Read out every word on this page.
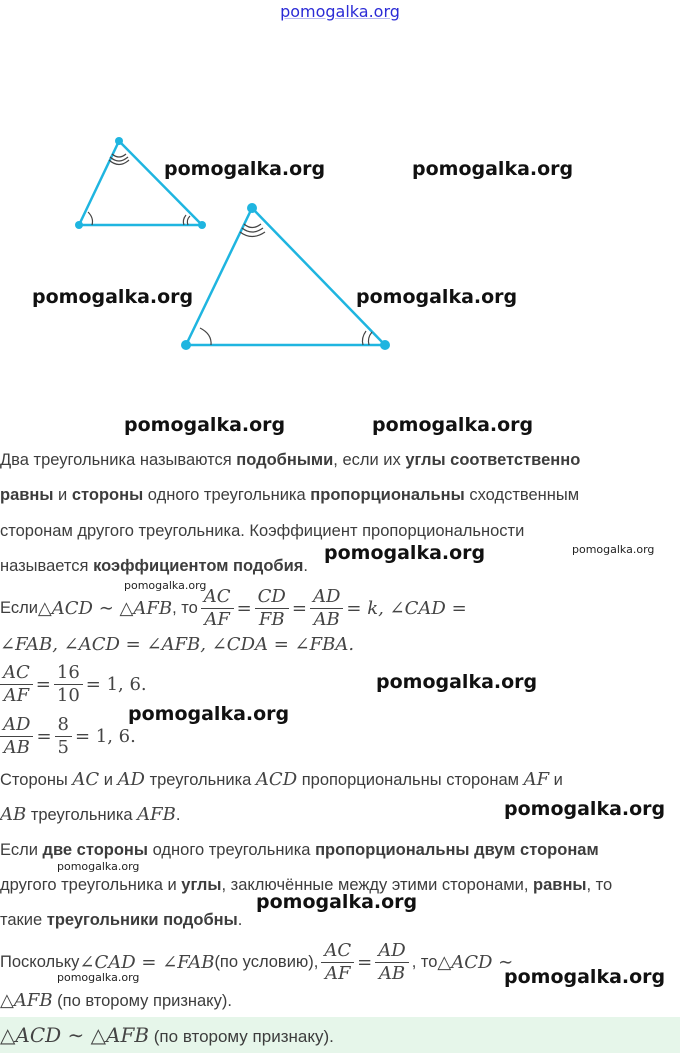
pomogalka.org
pomogalka.org	pomogalka.org
pomogalka.org	pomogalka.org
pomogalka.org	pomogalka.org
Два треугольника называются подобными, если их углы соответственно
равны и стороны одного треугольника пропорциональны сходственным
сторонам другого треугольника. Коэффициент пропорциональности
называется коэффициентом подобия.
pomogalka.org	pomogalka.org
pomogalka.org
Если △ACD ∼ △AFB , то $\frac{AC}{AF} = \frac{CD}{FB} = \frac{AD}{AB} = k$, ∠CAD =
∠FAB, ∠ACD = ∠AFB, ∠CDA = ∠FBA.
$\frac{AC}{AF} = \frac{16}{10} = 1$, 6.	pomogalka.org
pomogalka.org
$\frac{AD}{AB} = \frac{8}{5} = 1$, 6.
Стороны AC и AD треугольника ACD пропорциональны сторонам AF и
AB треугольника AFB.	pomogalka.org
Если две стороны одного треугольника пропорциональны двум сторонам
pomogalka.org
другого треугольника и углы, заключённые между этими сторонами, равны, то
pomogalka.org
такие треугольники подобны.
Поскольку ∠CAD = ∠FAB (по условию), $\frac{AC}{AF} = \frac{AD}{AB}$ , то △ACD ∼
pomogalka.org	pomogalka.org
△AFB (по второму признаку).
△ACD ∼ △AFB (по второму признаку).
